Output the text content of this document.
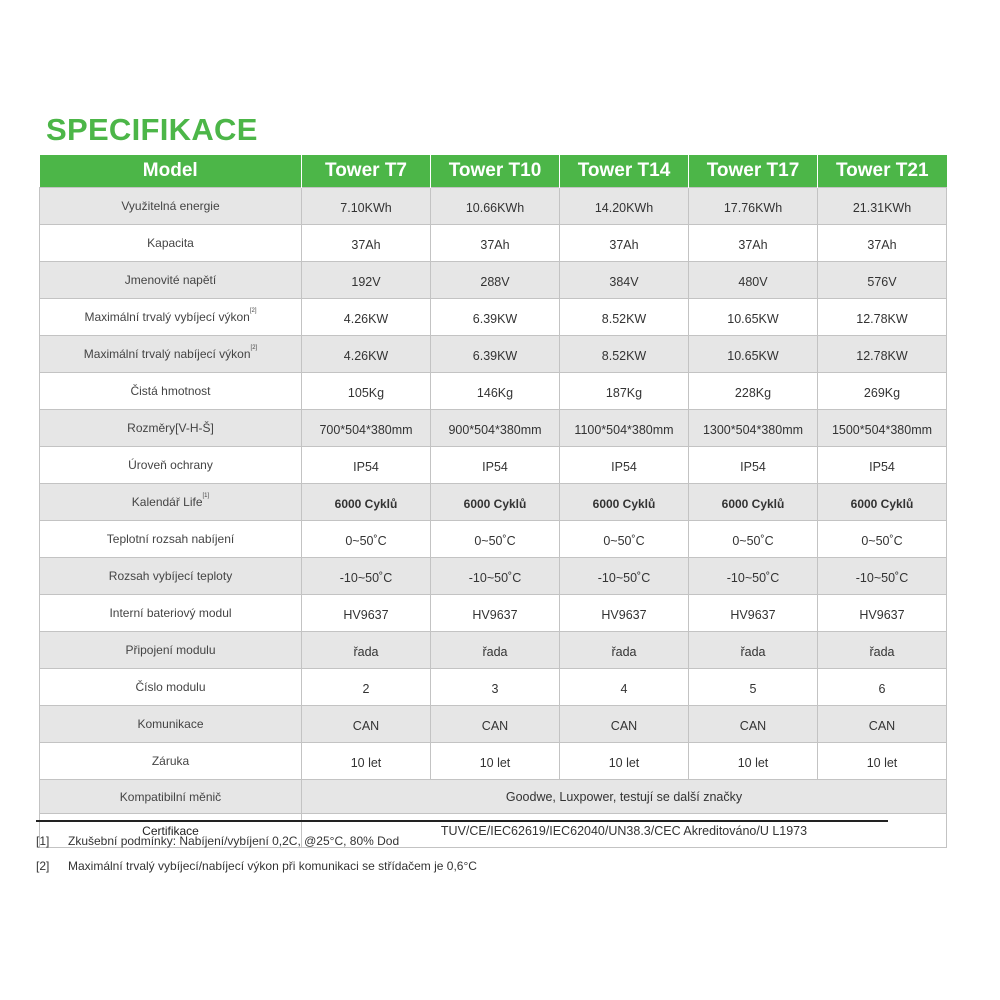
SPECIFIKACE
Model	Tower T7	Tower T10	Tower T14	Tower T17	Tower T21
Využitelná energie	7.10KWh	10.66KWh	14.20KWh	17.76KWh	21.31KWh
Kapacita	37Ah	37Ah	37Ah	37Ah	37Ah
Jmenovité napětí	192V	288V	384V	480V	576V
Maximální trvalý vybíjecí výkon[2]	4.26KW	6.39KW	8.52KW	10.65KW	12.78KW
Maximální trvalý nabíjecí výkon[2]	4.26KW	6.39KW	8.52KW	10.65KW	12.78KW
Čistá hmotnost	105Kg	146Kg	187Kg	228Kg	269Kg
Rozměry[V-H-Š]	700*504*380mm	900*504*380mm	1100*504*380mm	1300*504*380mm	1500*504*380mm
Úroveň ochrany	IP54	IP54	IP54	IP54	IP54
Kalendář Life[1]	6000 Cyklů	6000 Cyklů	6000 Cyklů	6000 Cyklů	6000 Cyklů
Teplotní rozsah nabíjení	0~50˚C	0~50˚C	0~50˚C	0~50˚C	0~50˚C
Rozsah vybíjecí teploty	-10~50˚C	-10~50˚C	-10~50˚C	-10~50˚C	-10~50˚C
Interní bateriový modul	HV9637	HV9637	HV9637	HV9637	HV9637
Připojení modulu	řada	řada	řada	řada	řada
Číslo modulu	2	3	4	5	6
Komunikace	CAN	CAN	CAN	CAN	CAN
Záruka	10 let	10 let	10 let	10 let	10 let
Kompatibilní měnič	Goodwe, Luxpower, testují se další značky				
Certifikace	TUV/CE/IEC62619/IEC62040/UN38.3/CEC Akreditováno/U L1973				
[1]	Zkušební podmínky: Nabíjení/vybíjení 0,2C, @25°C, 80% Dod
[2]	Maximální trvalý vybíjecí/nabíjecí výkon při komunikaci se střídačem je 0,6°C
